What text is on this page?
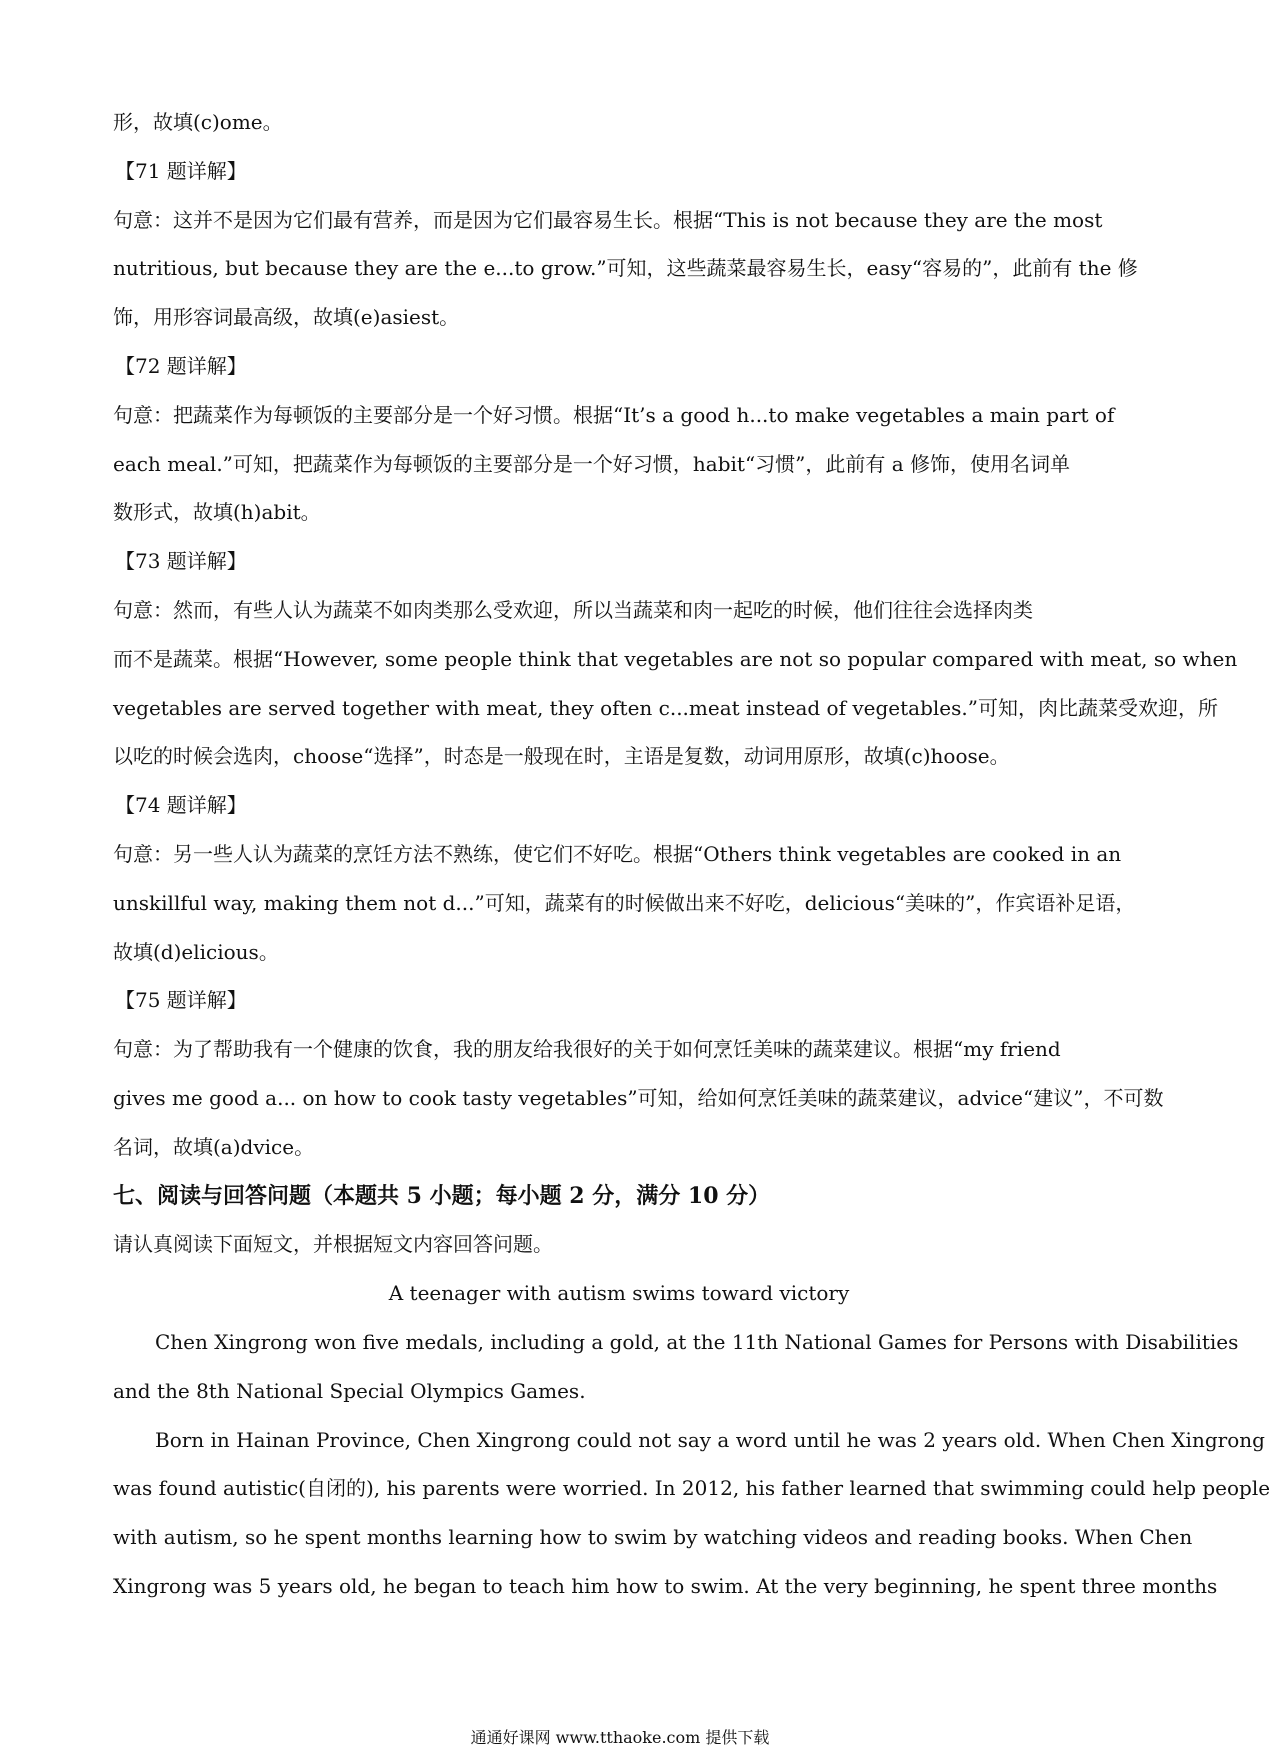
形，故填(c)ome。
【71 题详解】
句意：这并不是因为它们最有营养，而是因为它们最容易生长。根据“This is not because they are the most
nutritious, but because they are the e...to grow.”可知，这些蔬菜最容易生长，easy“容易的”，此前有 the 修
饰，用形容词最高级，故填(e)asiest。
【72 题详解】
句意：把蔬菜作为每顿饭的主要部分是一个好习惯。根据“It’s a good h...to make vegetables a main part of
each meal.”可知，把蔬菜作为每顿饭的主要部分是一个好习惯，habit“习惯”，此前有 a 修饰，使用名词单
数形式，故填(h)abit。
【73 题详解】
句意：然而，有些人认为蔬菜不如肉类那么受欢迎，所以当蔬菜和肉一起吃的时候，他们往往会选择肉类
而不是蔬菜。根据“However, some people think that vegetables are not so popular compared with meat, so when
vegetables are served together with meat, they often c...meat instead of vegetables.”可知，肉比蔬菜受欢迎，所
以吃的时候会选肉，choose“选择”，时态是一般现在时，主语是复数，动词用原形，故填(c)hoose。
【74 题详解】
句意：另一些人认为蔬菜的烹饪方法不熟练，使它们不好吃。根据“Others think vegetables are cooked in an
unskillful way, making them not d...”可知，蔬菜有的时候做出来不好吃，delicious“美味的”，作宾语补足语，
故填(d)elicious。
【75 题详解】
句意：为了帮助我有一个健康的饮食，我的朋友给我很好的关于如何烹饪美味的蔬菜建议。根据“my friend
gives me good a... on how to cook tasty vegetables”可知，给如何烹饪美味的蔬菜建议，advice“建议”，不可数
名词，故填(a)dvice。
七、阅读与回答问题（本题共 5 小题；每小题 2 分，满分 10 分）
请认真阅读下面短文，并根据短文内容回答问题。
A teenager with autism swims toward victory
Chen Xingrong won five medals, including a gold, at the 11th National Games for Persons with Disabilities
and the 8th National Special Olympics Games.
Born in Hainan Province, Chen Xingrong could not say a word until he was 2 years old. When Chen Xingrong
was found autistic(自闭的), his parents were worried. In 2012, his father learned that swimming could help people
with autism, so he spent months learning how to swim by watching videos and reading books. When Chen
Xingrong was 5 years old, he began to teach him how to swim. At the very beginning, he spent three months
通通好课网 www.tthaoke.com 提供下载
